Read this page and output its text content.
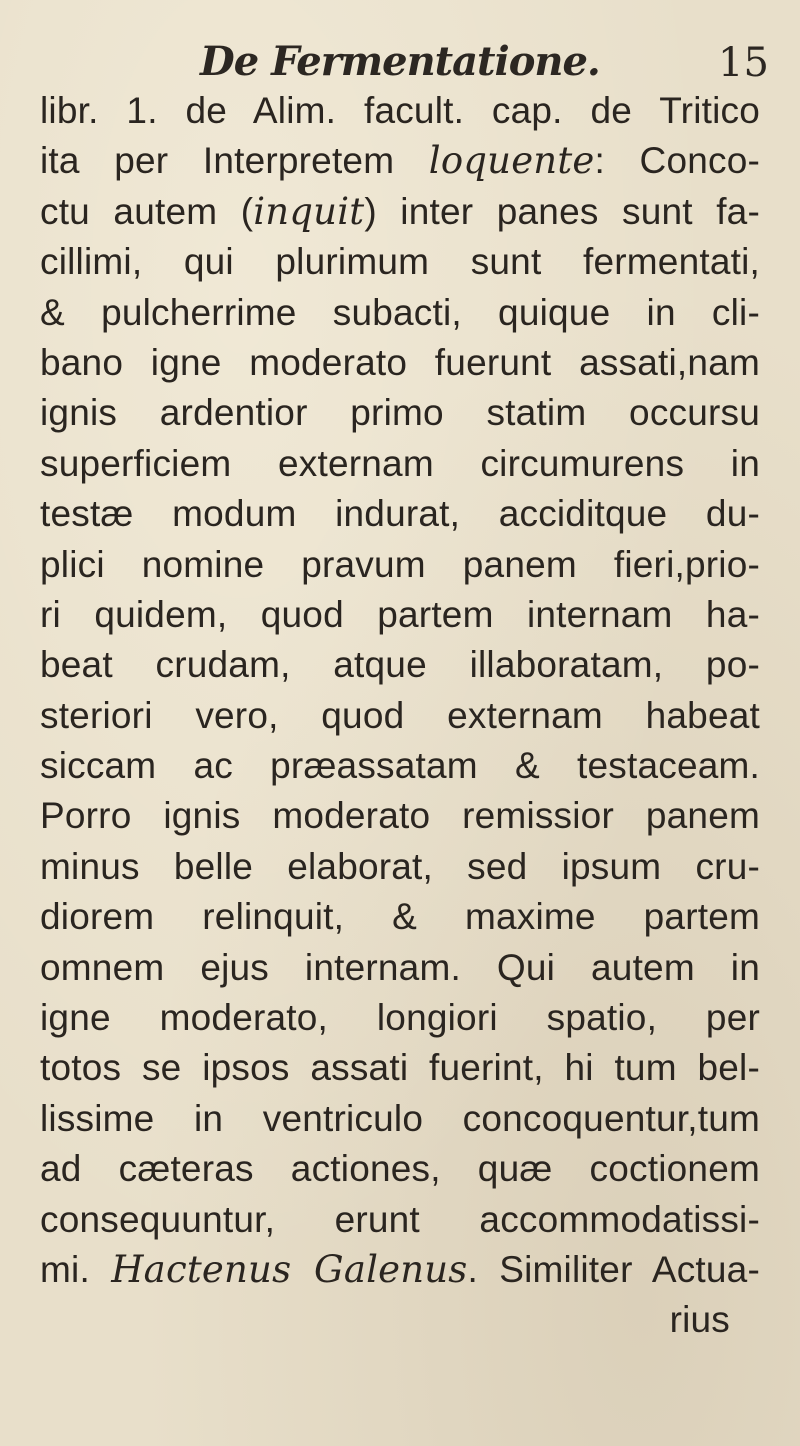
De Fermentatione.	15
libr. 1. de Alim. facult. cap. de Tritico
ita per Interpretem loquente: Conco-
ctu autem (inquit) inter panes sunt fa-
cillimi, qui plurimum sunt fermentati,
& pulcherrime subacti, quique in cli-
bano igne moderato fuerunt assati,nam
ignis ardentior primo statim occursu
superficiem externam circumurens in
testæ modum indurat, acciditque du-
plici nomine pravum panem fieri,prio-
ri quidem, quod partem internam ha-
beat crudam, atque illaboratam, po-
steriori vero, quod externam habeat
siccam ac præassatam & testaceam.
Porro ignis moderato remissior panem
minus belle elaborat, sed ipsum cru-
diorem relinquit, & maxime partem
omnem ejus internam. Qui autem in
igne moderato, longiori spatio, per
totos se ipsos assati fuerint, hi tum bel-
lissime in ventriculo concoquentur,tum
ad cæteras actiones, quæ coctionem
consequuntur, erunt accommodatissi-
mi. Hactenus Galenus. Similiter Actua-
rius
